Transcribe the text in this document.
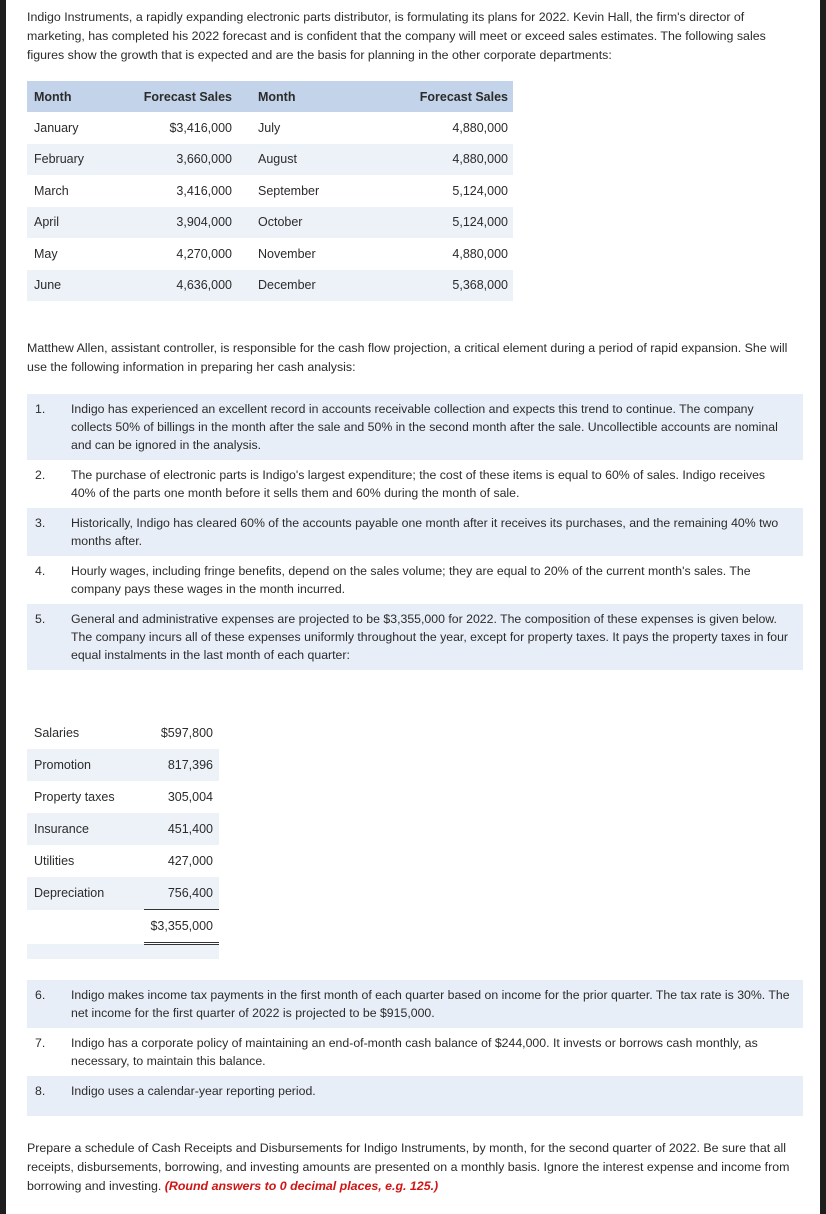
Indigo Instruments, a rapidly expanding electronic parts distributor, is formulating its plans for 2022. Kevin Hall, the firm's director of marketing, has completed his 2022 forecast and is confident that the company will meet or exceed sales estimates. The following sales figures show the growth that is expected and are the basis for planning in the other corporate departments:
Month	Forecast Sales	Month	Forecast Sales
January	$3,416,000	July	4,880,000
February	3,660,000	August	4,880,000
March	3,416,000	September	5,124,000
April	3,904,000	October	5,124,000
May	4,270,000	November	4,880,000
June	4,636,000	December	5,368,000
Matthew Allen, assistant controller, is responsible for the cash flow projection, a critical element during a period of rapid expansion. She will use the following information in preparing her cash analysis:
1. Indigo has experienced an excellent record in accounts receivable collection and expects this trend to continue. The company collects 50% of billings in the month after the sale and 50% in the second month after the sale. Uncollectible accounts are nominal and can be ignored in the analysis.
2. The purchase of electronic parts is Indigo's largest expenditure; the cost of these items is equal to 60% of sales. Indigo receives 40% of the parts one month before it sells them and 60% during the month of sale.
3. Historically, Indigo has cleared 60% of the accounts payable one month after it receives its purchases, and the remaining 40% two months after.
4. Hourly wages, including fringe benefits, depend on the sales volume; they are equal to 20% of the current month's sales. The company pays these wages in the month incurred.
5. General and administrative expenses are projected to be $3,355,000 for 2022. The composition of these expenses is given below. The company incurs all of these expenses uniformly throughout the year, except for property taxes. It pays the property taxes in four equal instalments in the last month of each quarter:
Salaries	$597,800
Promotion	817,396
Property taxes	305,004
Insurance	451,400
Utilities	427,000
Depreciation	756,400
	$3,355,000

6. Indigo makes income tax payments in the first month of each quarter based on income for the prior quarter. The tax rate is 30%. The net income for the first quarter of 2022 is projected to be $915,000.
7. Indigo has a corporate policy of maintaining an end-of-month cash balance of $244,000. It invests or borrows cash monthly, as necessary, to maintain this balance.
8. Indigo uses a calendar-year reporting period.
Prepare a schedule of Cash Receipts and Disbursements for Indigo Instruments, by month, for the second quarter of 2022. Be sure that all receipts, disbursements, borrowing, and investing amounts are presented on a monthly basis. Ignore the interest expense and income from borrowing and investing. (Round answers to 0 decimal places, e.g. 125.)
